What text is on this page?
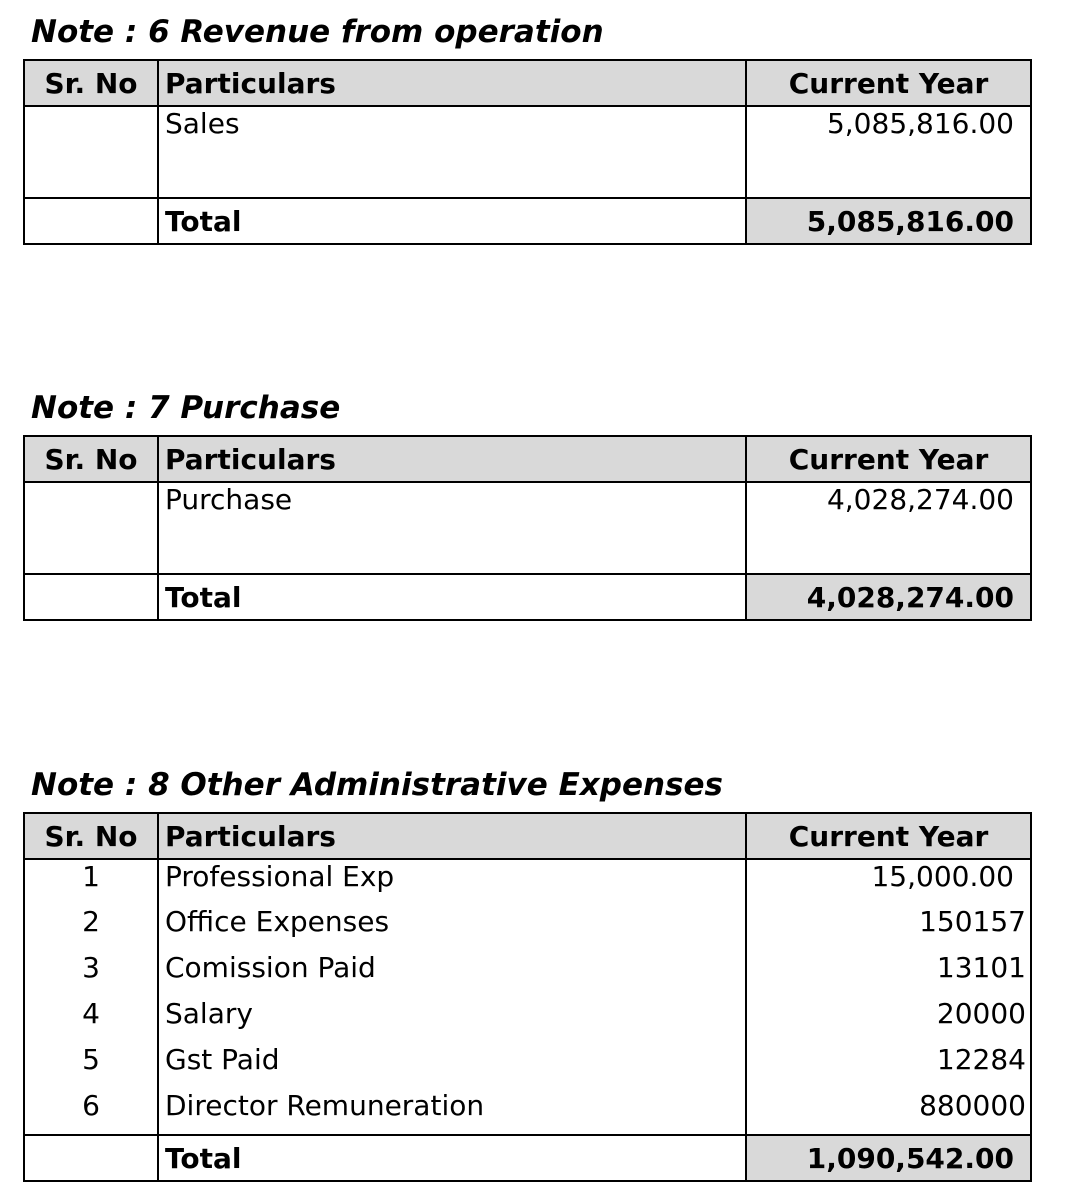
Note : 6 Revenue from operation
Sr. No	Particulars	Current Year
	Sales	5,085,816.00
	Total	5,085,816.00
Note : 7 Purchase
Sr. No	Particulars	Current Year
	Purchase	4,028,274.00
	Total	4,028,274.00
Note : 8 Other Administrative Expenses
Sr. No	Particulars	Current Year
1	Professional Exp	15,000.00
2	Office Expenses	150157
3	Comission Paid	13101
4	Salary	20000
5	Gst Paid	12284
6	Director Remuneration	880000
	Total	1,090,542.00
